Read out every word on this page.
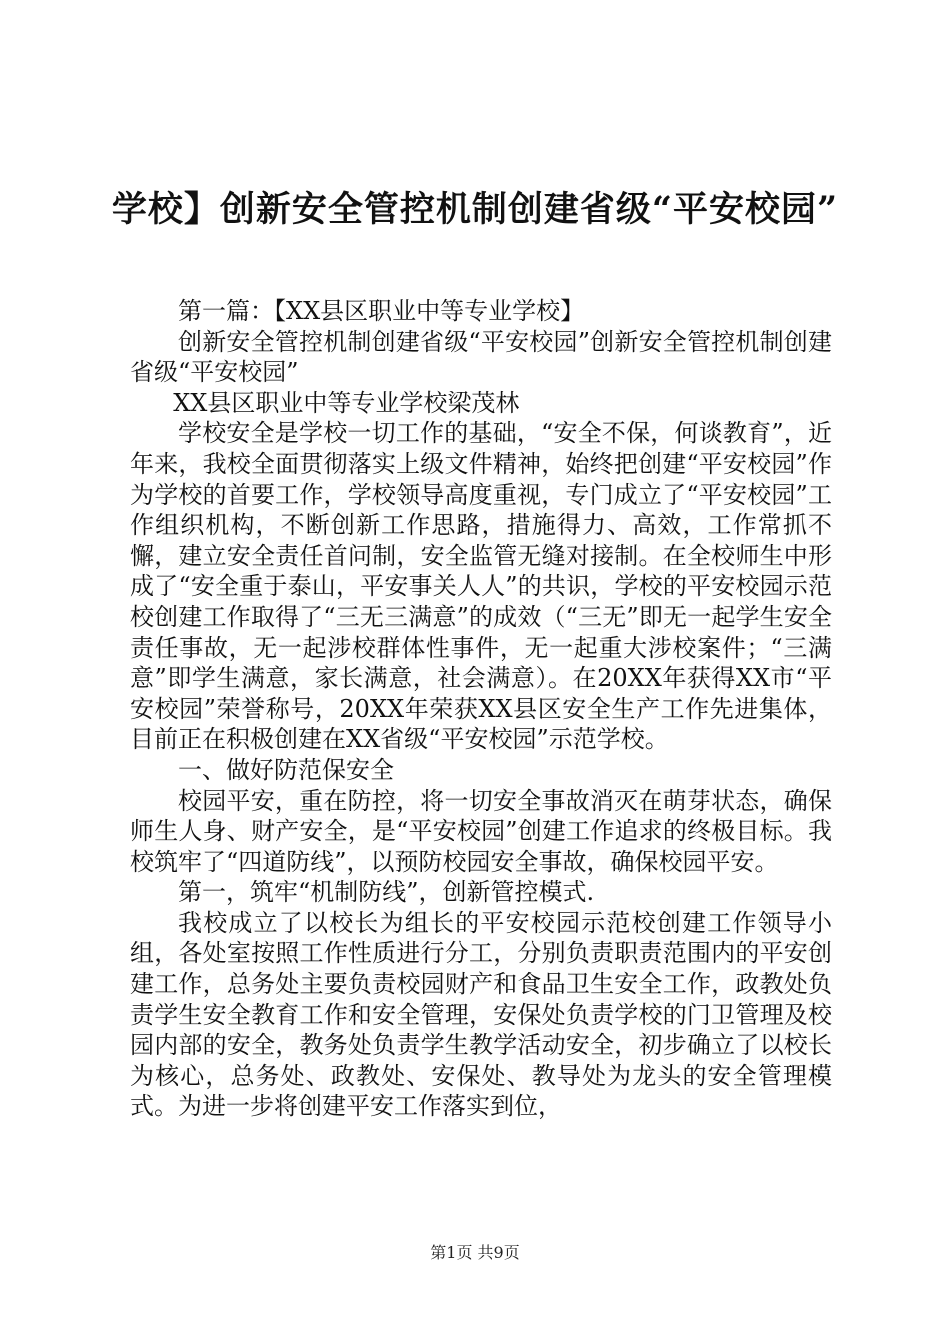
学校】创新安全管控机制创建省级“平安校园”

第一篇：【XX县区职业中等专业学校】

创新安全管控机制创建省级“平安校园”创新安全管控机制创建省级“平安校园”

XX县区职业中等专业学校梁茂林

学校安全是学校一切工作的基础，“安全不保，何谈教育”，近年来，我校全面贯彻落实上级文件精神，始终把创建“平安校园”作为学校的首要工作，学校领导高度重视，专门成立了“平安校园”工作组织机构，不断创新工作思路，措施得力、高效，工作常抓不懈，建立安全责任首问制，安全监管无缝对接制。在全校师生中形成了“安全重于泰山，平安事关人人”的共识，学校的平安校园示范校创建工作取得了“三无三满意”的成效（“三无”即无一起学生安全责任事故，无一起涉校群体性事件，无一起重大涉校案件；“三满意”即学生满意，家长满意，社会满意）。在20XX年获得XX市“平安校园”荣誉称号，20XX年荣获XX县区安全生产工作先进集体，目前正在积极创建在XX省级“平安校园”示范学校。

一、做好防范保安全

校园平安，重在防控，将一切安全事故消灭在萌芽状态，确保师生人身、财产安全，是“平安校园”创建工作追求的终极目标。我校筑牢了“四道防线”，以预防校园安全事故，确保校园平安。

第一，筑牢“机制防线”，创新管控模式.

我校成立了以校长为组长的平安校园示范校创建工作领导小组，各处室按照工作性质进行分工，分别负责职责范围内的平安创建工作，总务处主要负责校园财产和食品卫生安全工作，政教处负责学生安全教育工作和安全管理，安保处负责学校的门卫管理及校园内部的安全，教务处负责学生教学活动安全，初步确立了以校长为核心，总务处、政教处、安保处、教导处为龙头的安全管理模式。为进一步将创建平安工作落实到位，

第1页 共9页
